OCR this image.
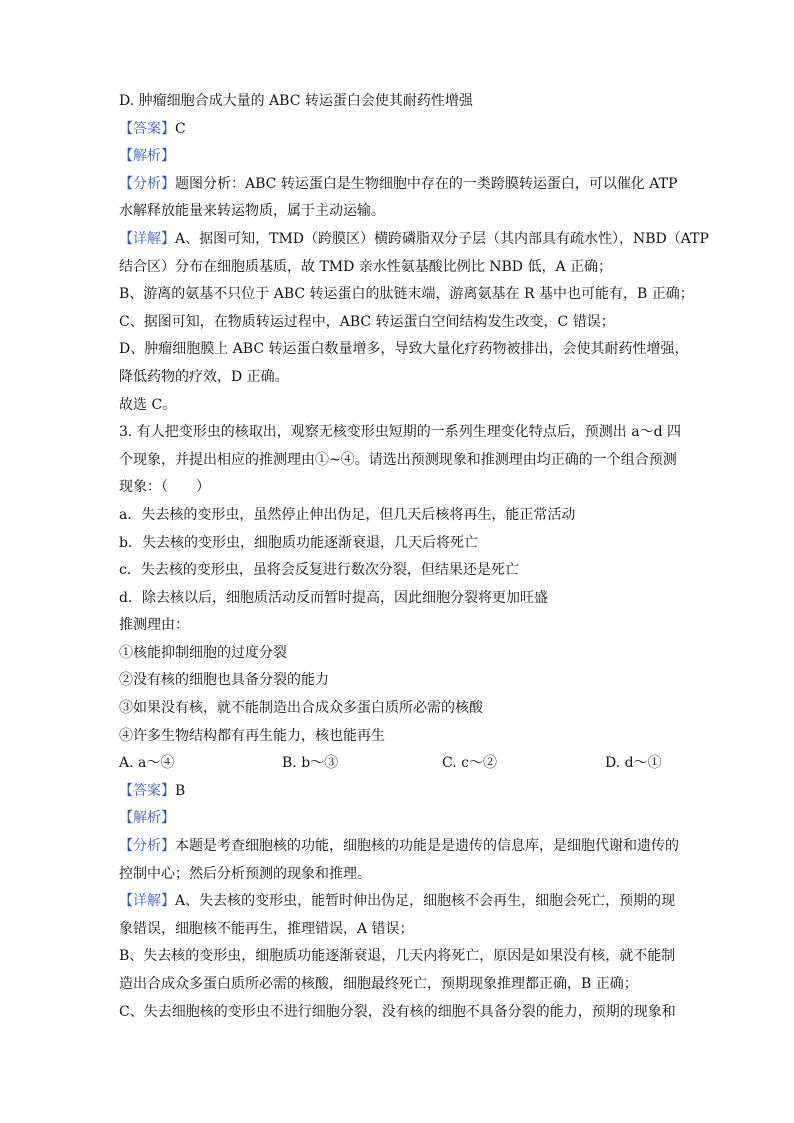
D. 肿瘤细胞合成大量的 ABC 转运蛋白会使其耐药性增强

【答案】C

【解析】

【分析】题图分析：ABC 转运蛋白是生物细胞中存在的一类跨膜转运蛋白，可以催化 ATP

水解释放能量来转运物质，属于主动运输。

【详解】A、据图可知，TMD（跨膜区）横跨磷脂双分子层（其内部具有疏水性），NBD（ATP

结合区）分布在细胞质基质，故 TMD 亲水性氨基酸比例比 NBD 低，A 正确；

B、游离的氨基不只位于 ABC 转运蛋白的肽链末端，游离氨基在 R 基中也可能有，B 正确；

C、据图可知，在物质转运过程中，ABC 转运蛋白空间结构发生改变，C 错误；

D、肿瘤细胞膜上 ABC 转运蛋白数量增多，导致大量化疗药物被排出，会使其耐药性增强，

降低药物的疗效，D 正确。

故选 C。

3. 有人把变形虫的核取出，观察无核变形虫短期的一系列生理变化特点后，预测出 a～d 四

个现象，并提出相应的推测理由①~④。请选出预测现象和推测理由均正确的一个组合预测

现象：（　　）

a．失去核的变形虫，虽然停止伸出伪足，但几天后核将再生，能正常活动

b．失去核的变形虫，细胞质功能逐渐衰退，几天后将死亡

c．失去核的变形虫，虽将会反复进行数次分裂，但结果还是死亡

d．除去核以后，细胞质活动反而暂时提高，因此细胞分裂将更加旺盛

推测理由：

①核能抑制细胞的过度分裂

②没有核的细胞也具备分裂的能力

③如果没有核，就不能制造出合成众多蛋白质所必需的核酸

④许多生物结构都有再生能力，核也能再生

A. a～④	B. b～③	C. c～②	D. d～①

【答案】B

【解析】

【分析】本题是考查细胞核的功能，细胞核的功能是是遗传的信息库，是细胞代谢和遗传的

控制中心；然后分析预测的现象和推理。

【详解】A、失去核的变形虫，能暂时伸出伪足，细胞核不会再生，细胞会死亡，预期的现

象错误，细胞核不能再生，推理错误，A 错误；

B、失去核的变形虫，细胞质功能逐渐衰退，几天内将死亡，原因是如果没有核，就不能制

造出合成众多蛋白质所必需的核酸，细胞最终死亡，预期现象推理都正确，B 正确；

C、失去细胞核的变形虫不进行细胞分裂，没有核的细胞不具备分裂的能力，预期的现象和
